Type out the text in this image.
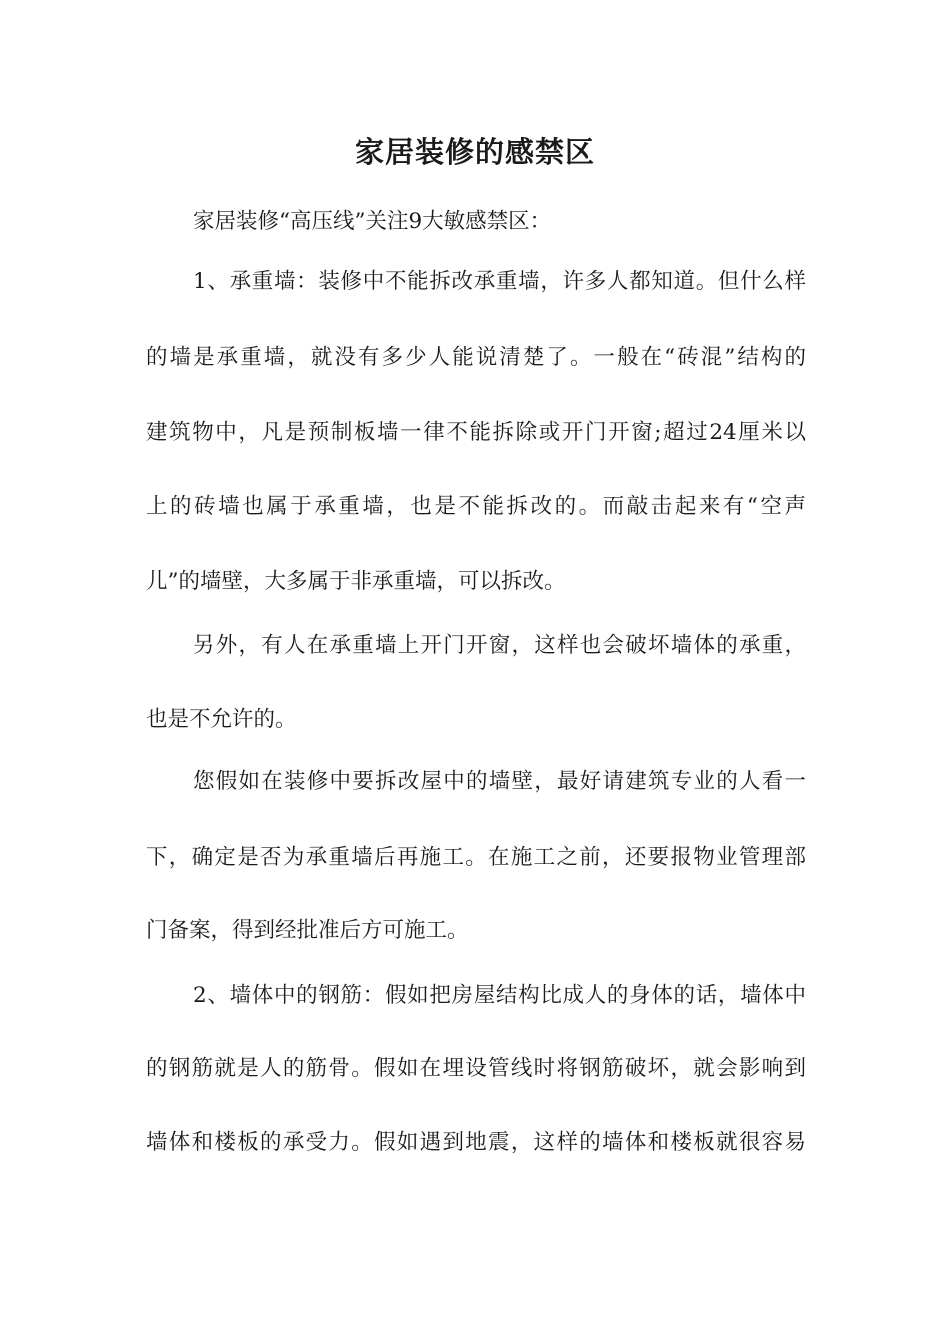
家居装修的感禁区
家居装修“高压线”关注9大敏感禁区：
1、承重墙：装修中不能拆改承重墙，许多人都知道。但什么样
的墙是承重墙，就没有多少人能说清楚了。一般在“砖混”结构的
建筑物中，凡是预制板墙一律不能拆除或开门开窗;超过24厘米以
上的砖墙也属于承重墙，也是不能拆改的。而敲击起来有“空声
儿”的墙壁，大多属于非承重墙，可以拆改。
另外，有人在承重墙上开门开窗，这样也会破坏墙体的承重，
也是不允许的。
您假如在装修中要拆改屋中的墙壁，最好请建筑专业的人看一
下，确定是否为承重墙后再施工。在施工之前，还要报物业管理部
门备案，得到经批准后方可施工。
2、墙体中的钢筋：假如把房屋结构比成人的身体的话，墙体中
的钢筋就是人的筋骨。假如在埋设管线时将钢筋破坏，就会影响到
墙体和楼板的承受力。假如遇到地震，这样的墙体和楼板就很容易
